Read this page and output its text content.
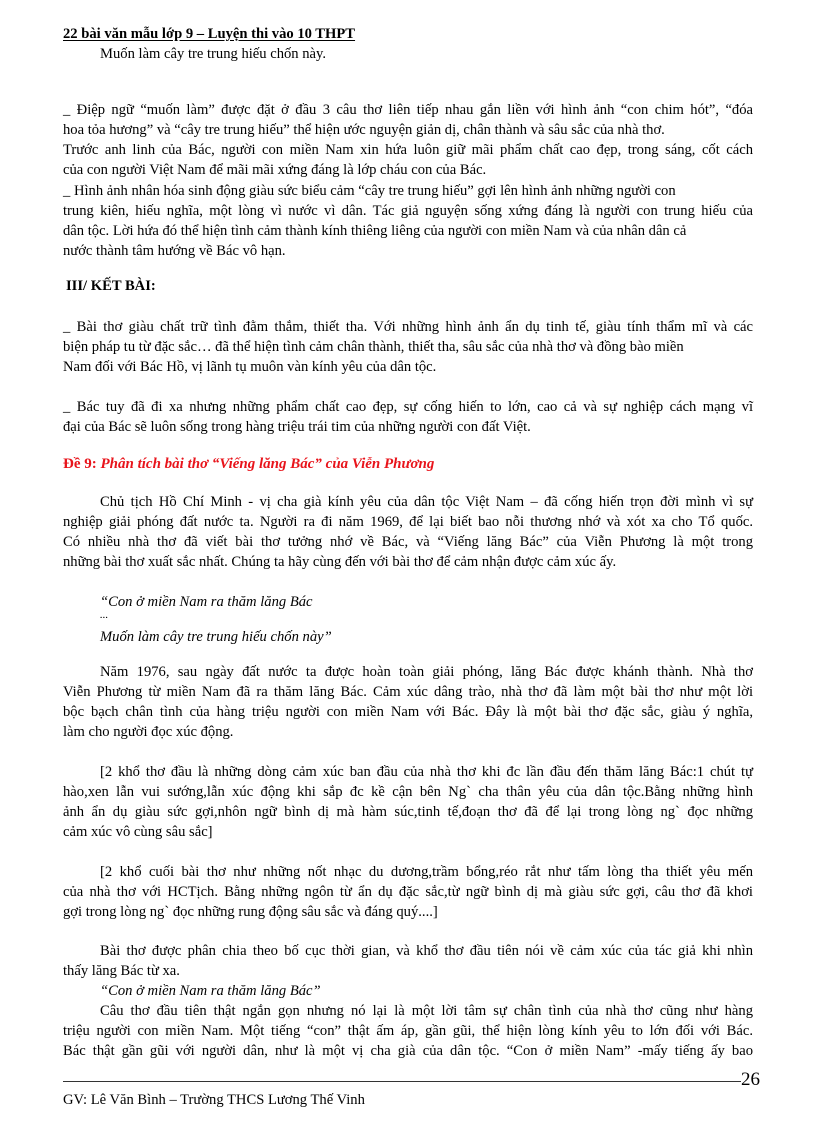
22 bài văn mẫu lớp 9 – Luyện thi vào 10 THPT
Muốn làm cây tre trung hiếu chốn này.
_ Điệp ngữ “muốn làm” được đặt ở đầu 3 câu thơ liên tiếp nhau gắn liền với hình ảnh “con chim hót”, “đóa
hoa tỏa hương” và “cây tre trung hiếu” thể hiện ước nguyện giản dị, chân thành và sâu sắc của nhà thơ.
Trước anh linh của Bác, người con miền Nam xin hứa luôn giữ mãi phẩm chất cao đẹp, trong sáng, cốt cách
của con người Việt Nam để mãi mãi xứng đáng là lớp cháu con của Bác.
_ Hình ảnh nhân hóa sinh động giàu sức biểu cảm “cây tre trung hiếu” gợi lên hình ảnh những người con
trung kiên, hiếu nghĩa, một lòng vì nước vì dân. Tác giả nguyện sống xứng đáng là người con trung hiếu của
dân tộc. Lời hứa đó thể hiện tình cảm thành kính thiêng liêng của người con miền Nam và của nhân dân cả
nước thành tâm hướng về Bác vô hạn.
III/ KẾT BÀI:
_ Bài thơ giàu chất trữ tình đằm thắm, thiết tha. Với những hình ảnh ẩn dụ tinh tế, giàu tính thẩm mĩ và các
biện pháp tu từ đặc sắc… đã thể hiện tình cảm chân thành, thiết tha, sâu sắc của nhà thơ và đồng bào miền
Nam đối với Bác Hồ, vị lãnh tụ muôn vàn kính yêu của dân tộc.
_ Bác tuy đã đi xa nhưng những phẩm chất cao đẹp, sự cống hiến to lớn, cao cả và sự nghiệp cách mạng vĩ
đại của Bác sẽ luôn sống trong hàng triệu trái tim của những người con đất Việt.
Đề 9: Phân tích bài thơ “Viếng lăng Bác” của Viễn Phương
Chủ tịch Hồ Chí Minh - vị cha già kính yêu của dân tộc Việt Nam – đã cống hiến trọn đời mình vì sự
nghiệp giải phóng đất nước ta. Người ra đi năm 1969, để lại biết bao nỗi thương nhớ và xót xa cho Tổ quốc.
Có nhiều nhà thơ đã viết bài thơ tưởng nhớ về Bác, và “Viếng lăng Bác” của Viễn Phương là một trong
những bài thơ xuất sắc nhất. Chúng ta hãy cùng đến với bài thơ để cảm nhận được cảm xúc ấy.
“Con ở miền Nam ra thăm lăng Bác
...
Muốn làm cây tre trung hiếu chốn này”
Năm 1976, sau ngày đất nước ta được hoàn toàn giải phóng, lăng Bác được khánh thành. Nhà thơ
Viễn Phương từ miền Nam đã ra thăm lăng Bác. Cảm xúc dâng trào, nhà thơ đã làm một bài thơ như một lời
bộc bạch chân tình của hàng triệu người con miền Nam với Bác. Đây là một bài thơ đặc sắc, giàu ý nghĩa,
làm cho người đọc xúc động.
[2 khổ thơ đầu là những dòng cảm xúc ban đầu của nhà thơ khi đc lần đầu đến thăm lăng Bác:1 chút tự
hào,xen lẫn vui sướng,lẫn xúc động khi sắp đc kề cận bên Ng` cha thân yêu của dân tộc.Bằng những hình
ảnh ẩn dụ giàu sức gợi,nhôn ngữ bình dị mà hàm súc,tinh tế,đoạn thơ đã để lại trong lòng ng` đọc những
cảm xúc vô cùng sâu sắc]
[2 khổ cuối bài thơ như những nốt nhạc du dương,trầm bổng,réo rắt như tấm lòng tha thiết yêu mến
của nhà thơ với HCTịch. Bằng những ngôn từ ẩn dụ đặc sắc,từ ngữ bình dị mà giàu sức gợi, câu thơ đã khơi
gợi trong lòng ng` đọc những rung động sâu sắc và đáng quý....]
Bài thơ được phân chia theo bố cục thời gian, và khổ thơ đầu tiên nói về cảm xúc của tác giả khi nhìn
thấy lăng Bác từ xa.
“Con ở miền Nam ra thăm lăng Bác”
Câu thơ đầu tiên thật ngắn gọn nhưng nó lại là một lời tâm sự chân tình của nhà thơ cũng như hàng
triệu người con miền Nam. Một tiếng “con” thật ấm áp, gần gũi, thể hiện lòng kính yêu to lớn đối với Bác.
Bác thật gần gũi với người dân, như là một vị cha già của dân tộc. “Con ở miền Nam” -mấy tiếng ấy bao
26
GV: Lê Văn Bình – Trường THCS Lương Thế Vinh
